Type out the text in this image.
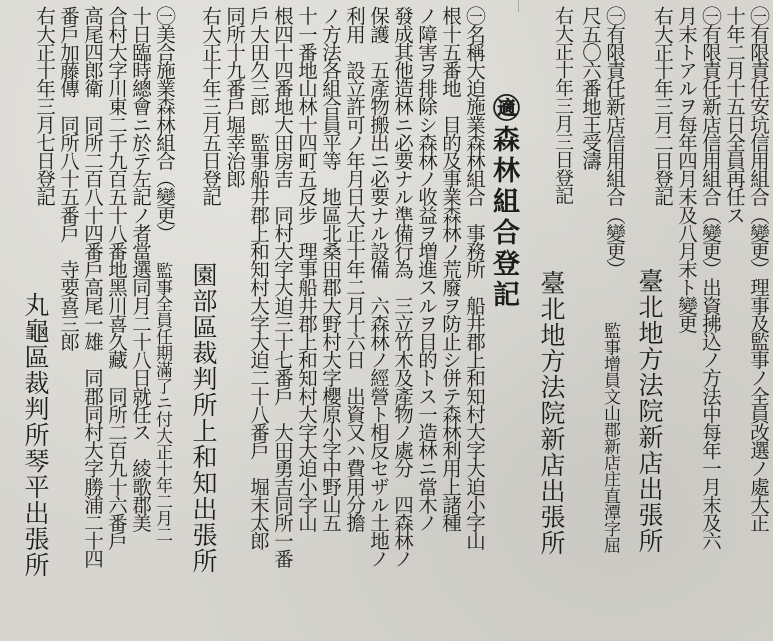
㊀有限責任安坑信用組合（變更）理事及監事ノ全員改選ノ處大正
十年二月十五日全員再任ス
㊀有限責任新店信用組合（變更）出資拂込ノ方法中每年一月末及六
月末トアルヲ每年四月末及八月末ト變更
右大正十年三月二日登記
臺北地方法院新店出張所
㊀有限責任新店信用組合（變更）
監事增員文山郡新店庄直潭字屈
尺五〇六番地王受濤
右大正十年三月三日登記
臺北地方法院新店出張所
㊜森林組合登記
㊀名稱大迫施業森林組合　事務所　船井郡上和知村大字大迫小字山
根十五番地　目的及事業森林ノ荒廢ヲ防止シ併テ森林利用上諸種
ノ障害ヲ排除シ森林ノ收益ヲ増進スルヲ目的トス一造林ニ當木ノ
發成其他造林ニ必要ナル準備行為　三立竹木及產物ノ處分　四森林ノ
保護　五產物搬出ニ必要ナル設備　六森林ノ經營ト相反セザル土地ノ
利用　設立許可ノ年月日大正十年二月十六日　出資又ハ費用分擔
ノ方法各組合員平等　地區北桑田郡大野村大字櫻原小字中野山五
十一番地山林十四町五反步　理事船井郡上和知村大字大迫小字山
根四十四番地大田房吉　同村大字大迫三十七番戶　大田勇吉同所一番
戶大田久三郎　監事船井郡上和知村大字大迫二十八番戶　堀末太郎
同所十九番戶堀幸治郎
右大正十年三月五日登記
園部區裁判所上和知出張所
㊀美合施業森林組合（變更）
監事全員任期滿了ニ付大正十年二月二
十日臨時總會ニ於テ左記ノ者當選同月二十八日就任ス　綾歌郡美
合村大字川東二千九百五十八番地黑川喜久藏　同所二百九十六番戶
高尾四郎衛　同所二百八十四番戶高尾一雄　同郡同村大字勝浦二十四
番戶加藤傳　同所八十五番戶　寺要喜三郎
右大正十年三月七日登記
丸龜區裁判所琴平出張所
